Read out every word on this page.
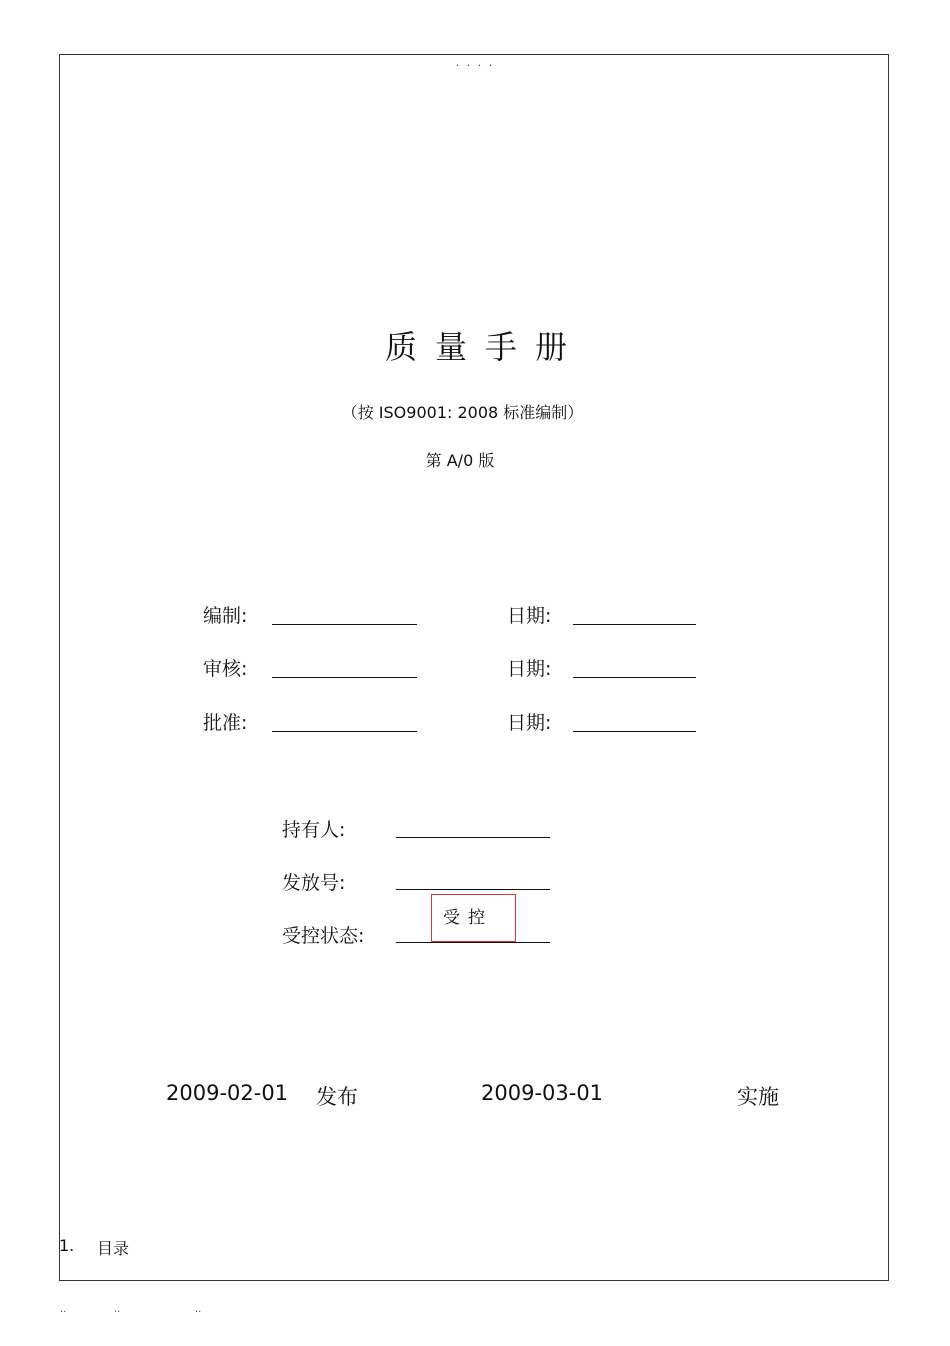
. . . .
质量手册
（按 ISO9001: 2008 标准编制）
第 A/0 版
编制:	日期:
审核:	日期:
批准:	日期:
持有人:
发放号:
受控状态:
受控
2009-02-01 发布	2009-03-01	实施
1. 目录
..	..	..
